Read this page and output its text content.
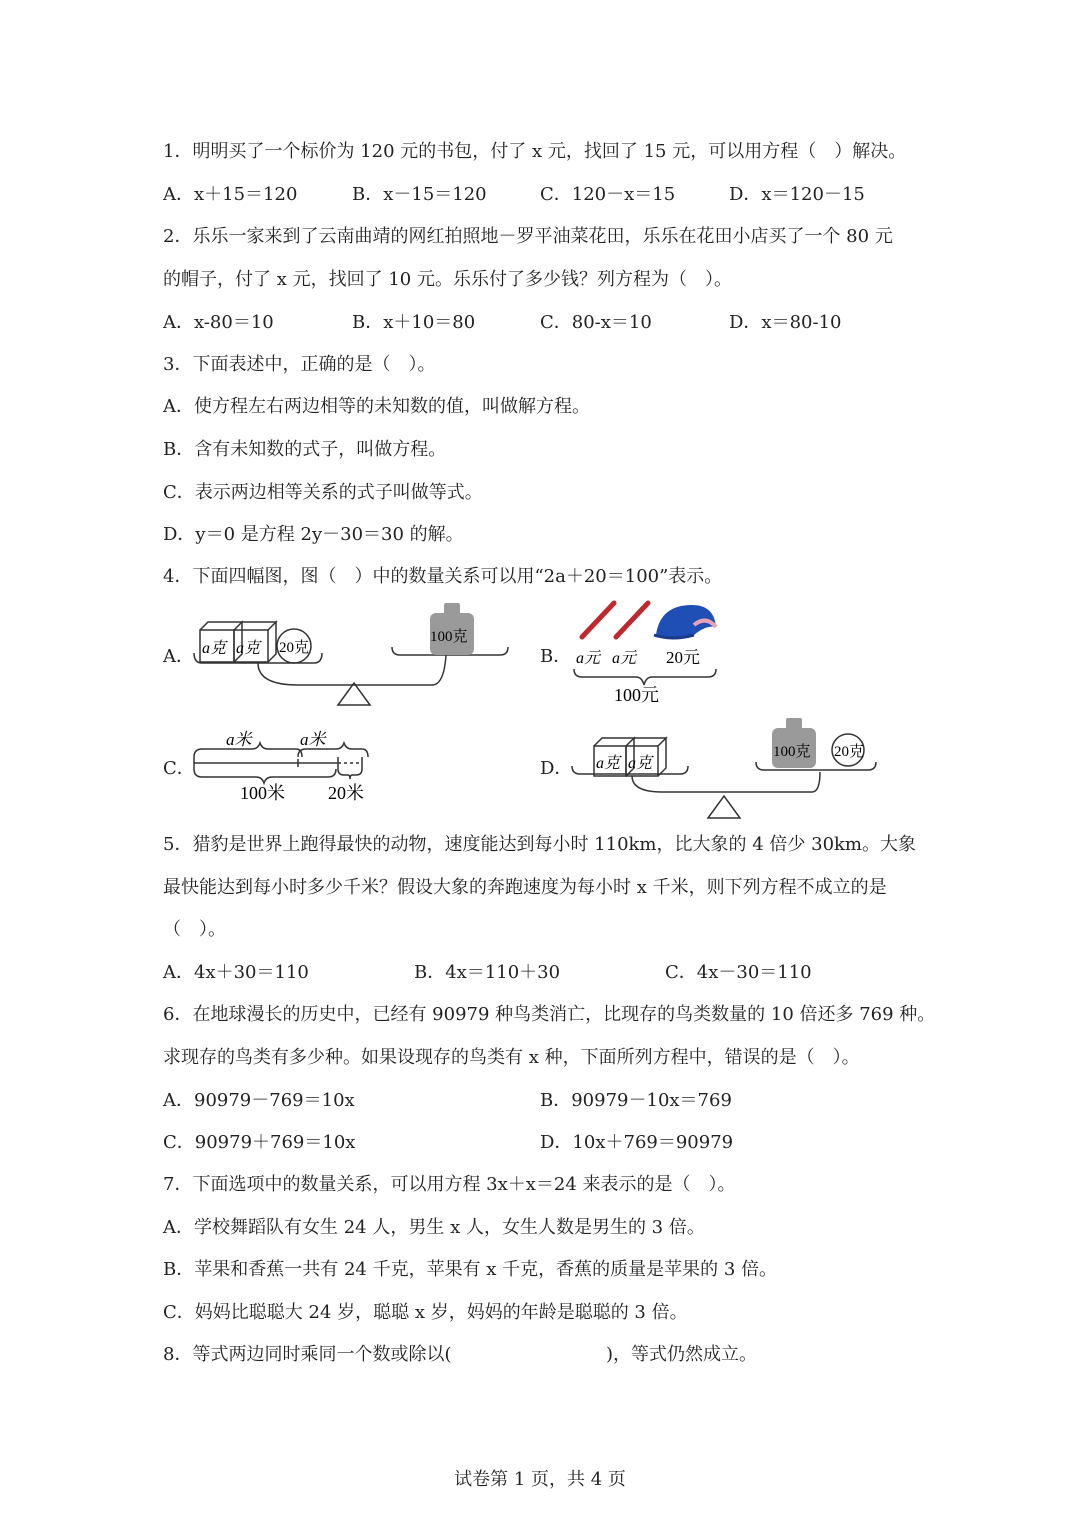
1．明明买了一个标价为 120 元的书包，付了 x 元，找回了 15 元，可以用方程（　）解决。
A．x＋15＝120	B．x－15＝120	C．120－x＝15	D．x＝120－15
2．乐乐一家来到了云南曲靖的网红拍照地－罗平油菜花田，乐乐在花田小店买了一个 80 元
的帽子，付了 x 元，找回了 10 元。乐乐付了多少钱？列方程为（　）。
A．x-80＝10	B．x＋10＝80	C．80-x＝10	D．x＝80-10
3．下面表述中，正确的是（　）。
A．使方程左右两边相等的未知数的值，叫做解方程。
B．含有未知数的式子，叫做方程。
C．表示两边相等关系的式子叫做等式。
D．y＝0 是方程 2y－30＝30 的解。
4．下面四幅图，图（　）中的数量关系可以用“2a＋20＝100”表示。
A．	B．
C．	D．
a克 a克 20克
100克
a元 a元 20元
100元
a米	a米
100米 20米
a克 a克
100克 20克
5．猎豹是世界上跑得最快的动物，速度能达到每小时 110km，比大象的 4 倍少 30km。大象
最快能达到每小时多少千米？假设大象的奔跑速度为每小时 x 千米，则下列方程不成立的是
（　）。
A．4x＋30＝110	B．4x＝110＋30	C．4x－30＝110
6．在地球漫长的历史中，已经有 90979 种鸟类消亡，比现存的鸟类数量的 10 倍还多 769 种。
求现存的鸟类有多少种。如果设现存的鸟类有 x 种，下面所列方程中，错误的是（　）。
A．90979－769＝10x	B．90979－10x＝769
C．90979＋769＝10x	D．10x＋769＝90979
7．下面选项中的数量关系，可以用方程 3x＋x＝24 来表示的是（　）。
A．学校舞蹈队有女生 24 人，男生 x 人，女生人数是男生的 3 倍。
B．苹果和香蕉一共有 24 千克，苹果有 x 千克，香蕉的质量是苹果的 3 倍。
C．妈妈比聪聪大 24 岁，聪聪 x 岁，妈妈的年龄是聪聪的 3 倍。
8．等式两边同时乘同一个数或除以(	)，等式仍然成立。
试卷第 1 页，共 4 页
